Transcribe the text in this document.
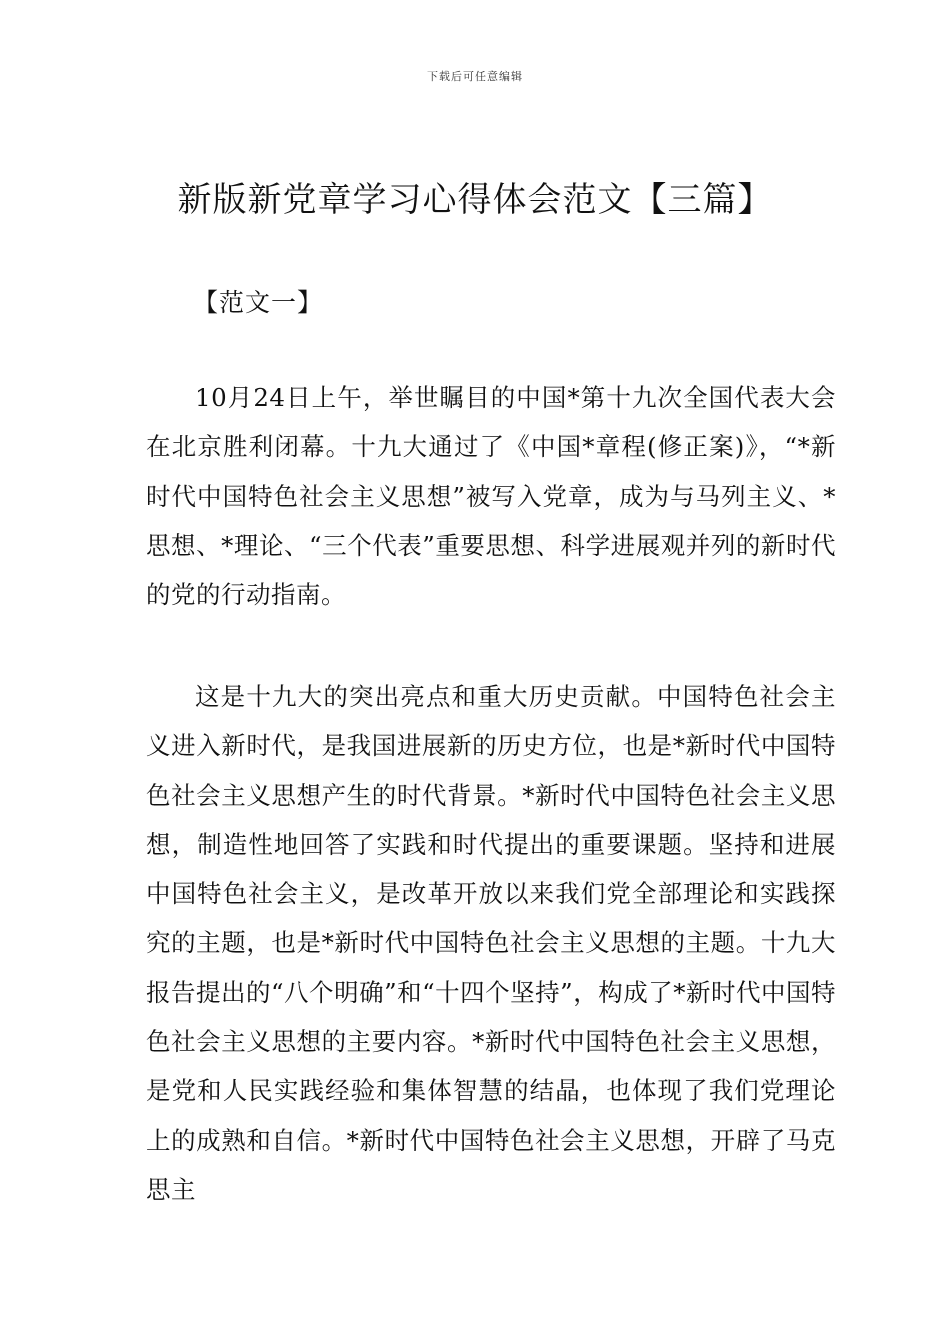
下载后可任意编辑
新版新党章学习心得体会范文【三篇】
【范文一】

10月24日上午，举世瞩目的中国*第十九次全国代表大会在北京胜利闭幕。十九大通过了《中国*章程(修正案)》，“*新时代中国特色社会主义思想”被写入党章，成为与马列主义、*思想、*理论、“三个代表”重要思想、科学进展观并列的新时代的党的行动指南。

这是十九大的突出亮点和重大历史贡献。中国特色社会主义进入新时代，是我国进展新的历史方位，也是*新时代中国特色社会主义思想产生的时代背景。*新时代中国特色社会主义思想，制造性地回答了实践和时代提出的重要课题。坚持和进展中国特色社会主义，是改革开放以来我们党全部理论和实践探究的主题，也是*新时代中国特色社会主义思想的主题。十九大报告提出的“八个明确”和“十四个坚持”，构成了*新时代中国特色社会主义思想的主要内容。*新时代中国特色社会主义思想，是党和人民实践经验和集体智慧的结晶，也体现了我们党理论上的成熟和自信。*新时代中国特色社会主义思想，开辟了马克思主
